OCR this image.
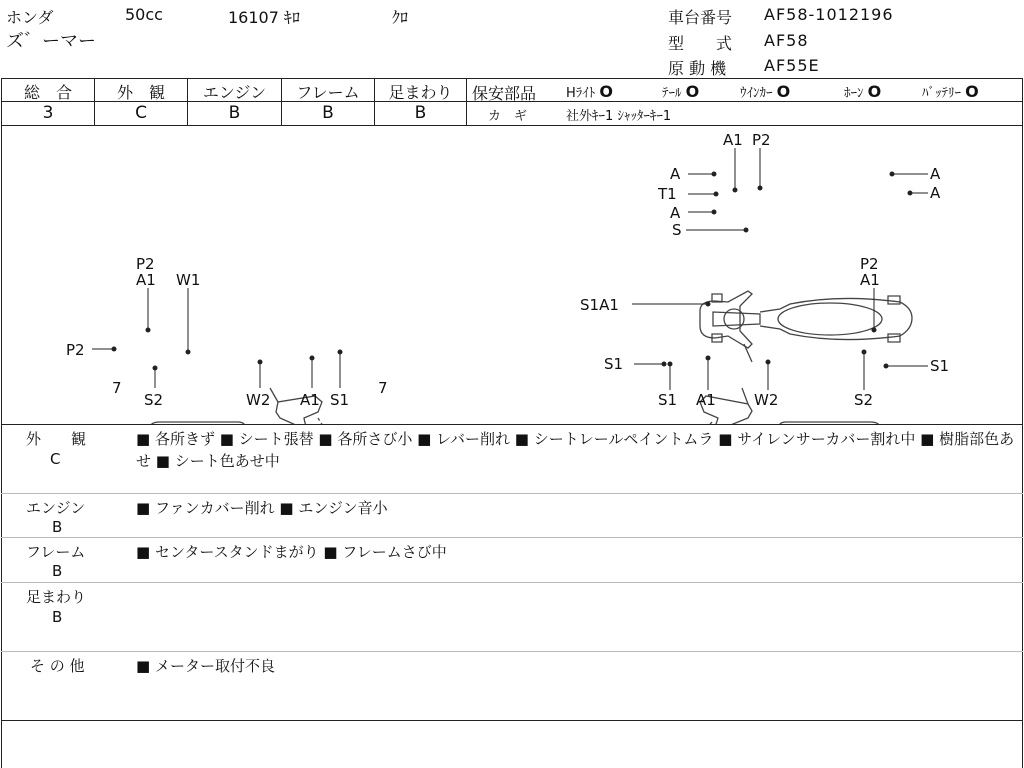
ホンダ	50cc	16107 ｷﾛ	ｸﾛ
ズ゛ーマー
車台番号 AF58-1012196
型　　式 AF58
原 動 機 AF55E
総　合
3
外　観
C
エンジン
B
フレーム
B
足まわり
B
保安部品 Hﾗｲﾄ O	ﾃｰﾙ O	ｳｲﾝｶｰ O	ﾎｰﾝ O	ﾊﾞｯﾃﾘｰ O
カ　ギ	社外ｷｰ1 ｼｬｯﾀｰｷｰ1
A1 P2
A
T1
A
S
A
A
P2
A1 W1
P2
7
S2	W2 A1 S1
7
S1A1
P2
A1
S1	S1
S1 A1	W2	S2
外　　観
C
■ 各所きず ■ シート張替 ■ 各所さび小 ■ レバー削れ ■ シートレールペイントムラ ■ サイレンサーカバー割れ中 ■ 樹脂部色あせ ■ シート色あせ中
エンジン
B
■ ファンカバー削れ ■ エンジン音小
フレーム
B
■ センタースタンドまがり ■ フレームさび中
足まわり
B
そ の 他	■ メーター取付不良
